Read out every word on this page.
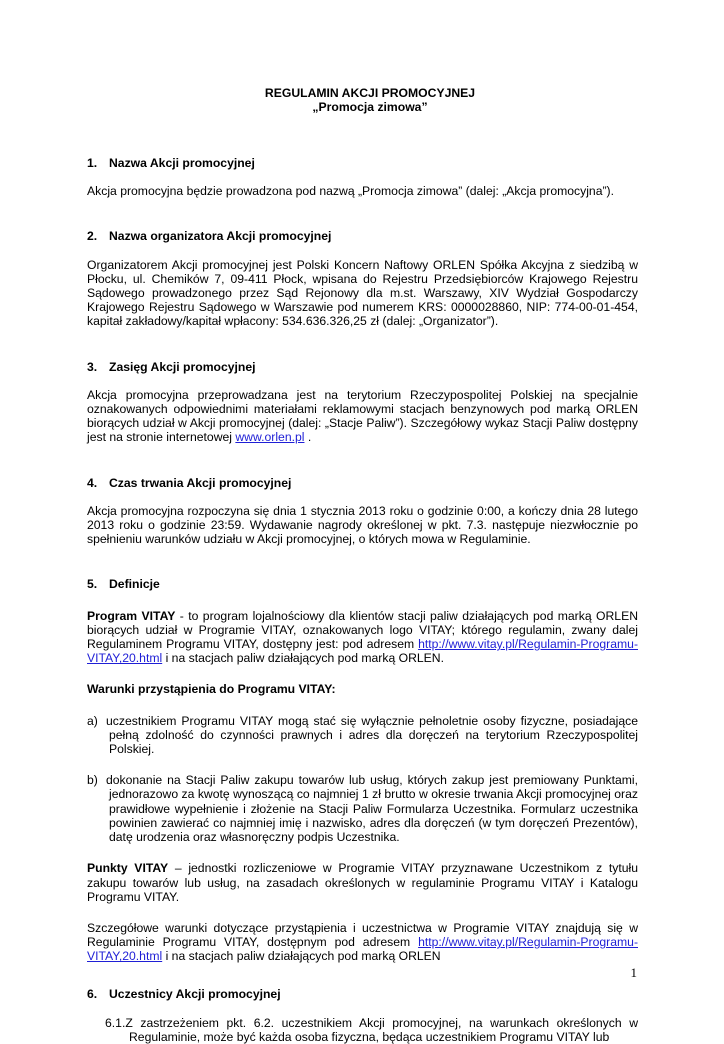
REGULAMIN AKCJI PROMOCYJNEJ
„Promocja zimowa”
1. Nazwa Akcji promocyjnej
Akcja promocyjna będzie prowadzona pod nazwą „Promocja zimowa” (dalej: „Akcja promocyjna”).
2. Nazwa organizatora Akcji promocyjnej
Organizatorem Akcji promocyjnej jest Polski Koncern Naftowy ORLEN Spółka Akcyjna z siedzibą w Płocku, ul. Chemików 7, 09-411 Płock, wpisana do Rejestru Przedsiębiorców Krajowego Rejestru Sądowego prowadzonego przez Sąd Rejonowy dla m.st. Warszawy, XIV Wydział Gospodarczy Krajowego Rejestru Sądowego w Warszawie pod numerem KRS: 0000028860, NIP: 774-00-01-454, kapitał zakładowy/kapitał wpłacony: 534.636.326,25 zł (dalej: „Organizator”).
3. Zasięg Akcji promocyjnej
Akcja promocyjna przeprowadzana jest na terytorium Rzeczypospolitej Polskiej na specjalnie oznakowanych odpowiednimi materiałami reklamowymi stacjach benzynowych pod marką ORLEN biorących udział w Akcji promocyjnej (dalej: „Stacje Paliw”). Szczegółowy wykaz Stacji Paliw dostępny jest na stronie internetowej www.orlen.pl .
4. Czas trwania Akcji promocyjnej
Akcja promocyjna rozpoczyna się dnia 1 stycznia 2013 roku o godzinie 0:00, a kończy dnia 28 lutego 2013 roku o godzinie 23:59. Wydawanie nagrody określonej w pkt. 7.3. następuje niezwłocznie po spełnieniu warunków udziału w Akcji promocyjnej, o których mowa w Regulaminie.
5. Definicje
Program VITAY - to program lojalnościowy dla klientów stacji paliw działających pod marką ORLEN biorących udział w Programie VITAY, oznakowanych logo VITAY; którego regulamin, zwany dalej Regulaminem Programu VITAY, dostępny jest: pod adresem http://www.vitay.pl/Regulamin-Programu-VITAY,20.html i na stacjach paliw działających pod marką ORLEN.
Warunki przystąpienia do Programu VITAY:
a) uczestnikiem Programu VITAY mogą stać się wyłącznie pełnoletnie osoby fizyczne, posiadające pełną zdolność do czynności prawnych i adres dla doręczeń na terytorium Rzeczypospolitej Polskiej.
b) dokonanie na Stacji Paliw zakupu towarów lub usług, których zakup jest premiowany Punktami, jednorazowo za kwotę wynoszącą co najmniej 1 zł brutto w okresie trwania Akcji promocyjnej oraz prawidłowe wypełnienie i złożenie na Stacji Paliw Formularza Uczestnika. Formularz uczestnika powinien zawierać co najmniej imię i nazwisko, adres dla doręczeń (w tym doręczeń Prezentów), datę urodzenia oraz własnoręczny podpis Uczestnika.
Punkty VITAY – jednostki rozliczeniowe w Programie VITAY przyznawane Uczestnikom z tytułu zakupu towarów lub usług, na zasadach określonych w regulaminie Programu VITAY i Katalogu Programu VITAY.
Szczegółowe warunki dotyczące przystąpienia i uczestnictwa w Programie VITAY znajdują się w Regulaminie Programu VITAY, dostępnym pod adresem http://www.vitay.pl/Regulamin-Programu-VITAY,20.html i na stacjach paliw działających pod marką ORLEN
6. Uczestnicy Akcji promocyjnej
6.1.Z zastrzeżeniem pkt. 6.2. uczestnikiem Akcji promocyjnej, na warunkach określonych w Regulaminie, może być każda osoba fizyczna, będąca uczestnikiem Programu VITAY lub
1
